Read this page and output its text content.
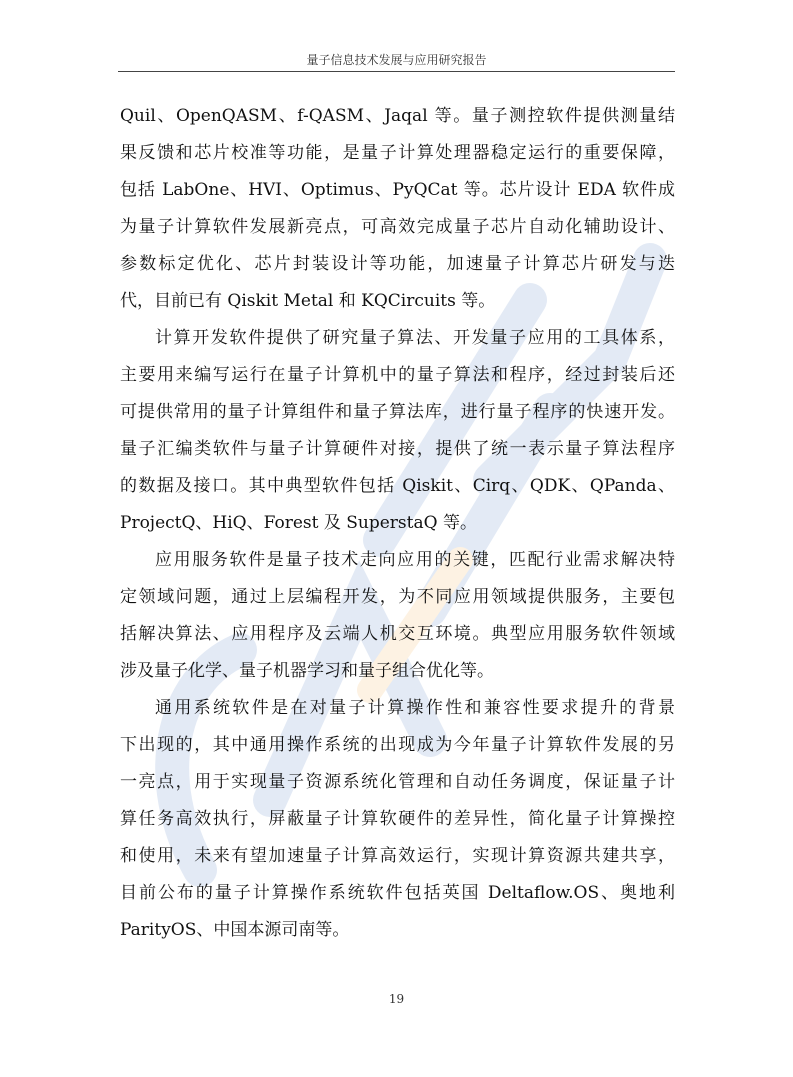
量子信息技术发展与应用研究报告
Quil、OpenQASM、f-QASM、Jaqal 等。量子测控软件提供测量结
果反馈和芯片校准等功能，是量子计算处理器稳定运行的重要保障，
包括 LabOne、HVI、Optimus、PyQCat 等。芯片设计 EDA 软件成
为量子计算软件发展新亮点，可高效完成量子芯片自动化辅助设计、
参数标定优化、芯片封装设计等功能，加速量子计算芯片研发与迭
代，目前已有 Qiskit Metal 和 KQCircuits 等。
计算开发软件提供了研究量子算法、开发量子应用的工具体系，
主要用来编写运行在量子计算机中的量子算法和程序，经过封装后还
可提供常用的量子计算组件和量子算法库，进行量子程序的快速开发。
量子汇编类软件与量子计算硬件对接，提供了统一表示量子算法程序
的数据及接口。其中典型软件包括 Qiskit、Cirq、QDK、QPanda、
ProjectQ、HiQ、Forest 及 SuperstaQ 等。
应用服务软件是量子技术走向应用的关键，匹配行业需求解决特
定领域问题，通过上层编程开发，为不同应用领域提供服务，主要包
括解决算法、应用程序及云端人机交互环境。典型应用服务软件领域
涉及量子化学、量子机器学习和量子组合优化等。
通用系统软件是在对量子计算操作性和兼容性要求提升的背景
下出现的，其中通用操作系统的出现成为今年量子计算软件发展的另
一亮点，用于实现量子资源系统化管理和自动任务调度，保证量子计
算任务高效执行，屏蔽量子计算软硬件的差异性，简化量子计算操控
和使用，未来有望加速量子计算高效运行，实现计算资源共建共享，
目前公布的量子计算操作系统软件包括英国 Deltaflow.OS、奥地利
ParityOS、中国本源司南等。
19
